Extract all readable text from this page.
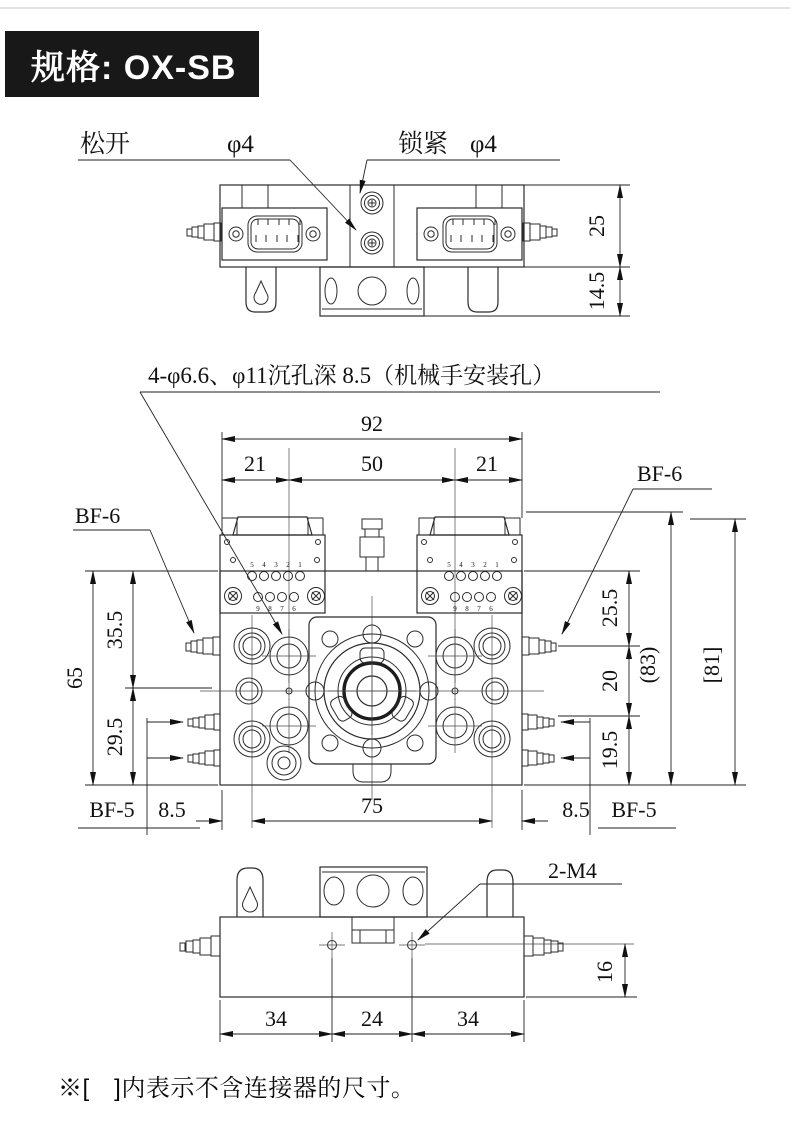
规格: OX-SB
25
14.5
松开	φ4	锁紧 φ4
4-φ6.6、φ11沉孔深 8.5（机械手安装孔）
92
21	50	21
5 4 3 2 1
9 8 7 6
5 4 3 2 1
9 8 7 6
BF-6
BF-6
65
35.5
29.5
25.5
20
19.5
(83) [81]
BF-5 8.5	75	8.5 BF-5
2-M4
16
34	24	34
※[　]内表示不含连接器的尺寸。
